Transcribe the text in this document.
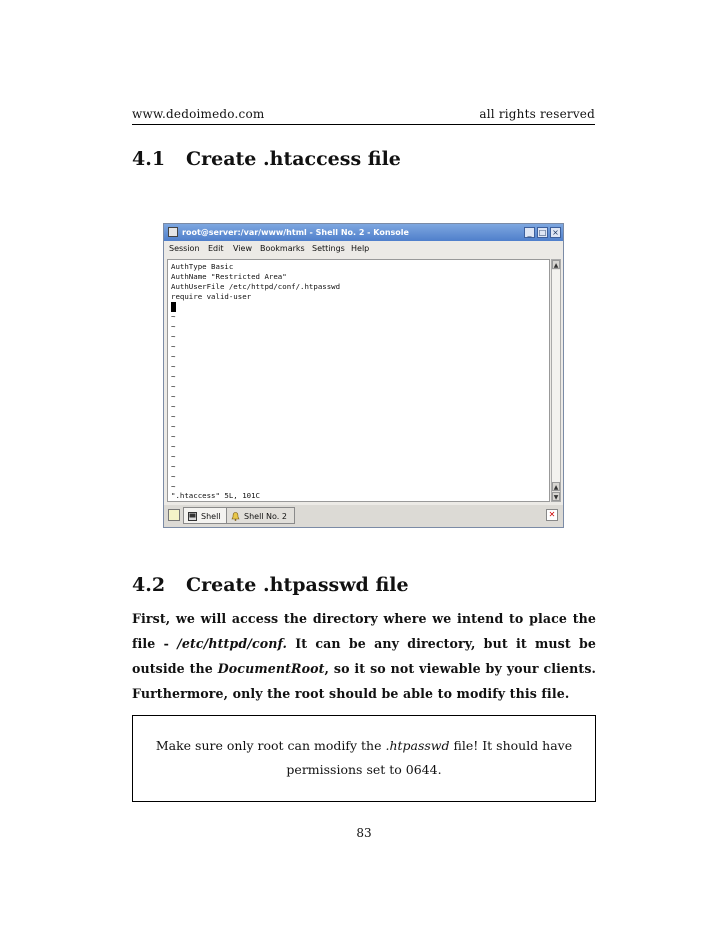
www.dedoimedo.com	all rights reserved
4.1 Create .htaccess file
root@server:/var/www/html - Shell No. 2 - Konsole	_ □ ×
Session Edit View Bookmarks Settings Help
AuthType Basic
AuthName "Restricted Area"
AuthUserFile /etc/httpd/conf/.htpasswd
require valid-user
~
~
~
~
~
~
~
~
~
~
~
~
~
~
~
~
~
~
".htaccess" 5L, 101C
▲
▲
▼
Shell	Shell No. 2	✕
4.2 Create .htpasswd file
First, we will access the directory where we intend to place the
file - /etc/httpd/conf. It can be any directory, but it must be
outside the DocumentRoot, so it so not viewable by your clients.
Furthermore, only the root should be able to modify this file.
Make sure only root can modify the .htpasswd file! It should have
permissions set to 0644.
83
